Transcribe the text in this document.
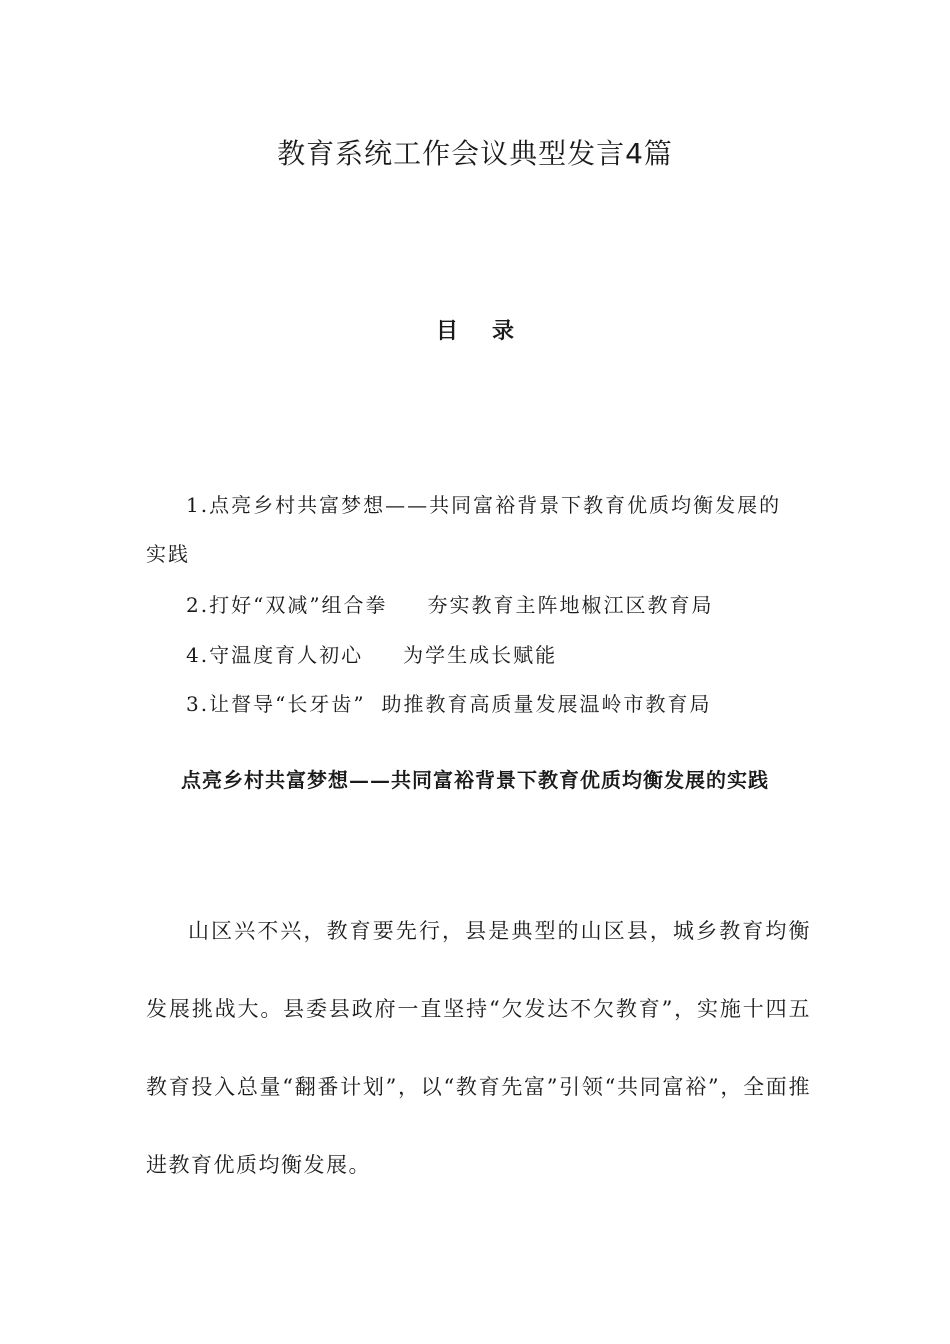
教育系统工作会议典型发言4篇
目录
1.点亮乡村共富梦想——共同富裕背景下教育优质均衡发展的
实践
2.打好“双减”组合拳 夯实教育主阵地椒江区教育局
4.守温度育人初心 为学生成长赋能
3.让督导“长牙齿” 助推教育高质量发展温岭市教育局
点亮乡村共富梦想——共同富裕背景下教育优质均衡发展的实践

山区兴不兴，教育要先行，县是典型的山区县，城乡教育均衡发展挑战大。县委县政府一直坚持“欠发达不欠教育”，实施十四五教育投入总量“翻番计划”，以“教育先富”引领“共同富裕”，全面推进教育优质均衡发展。
